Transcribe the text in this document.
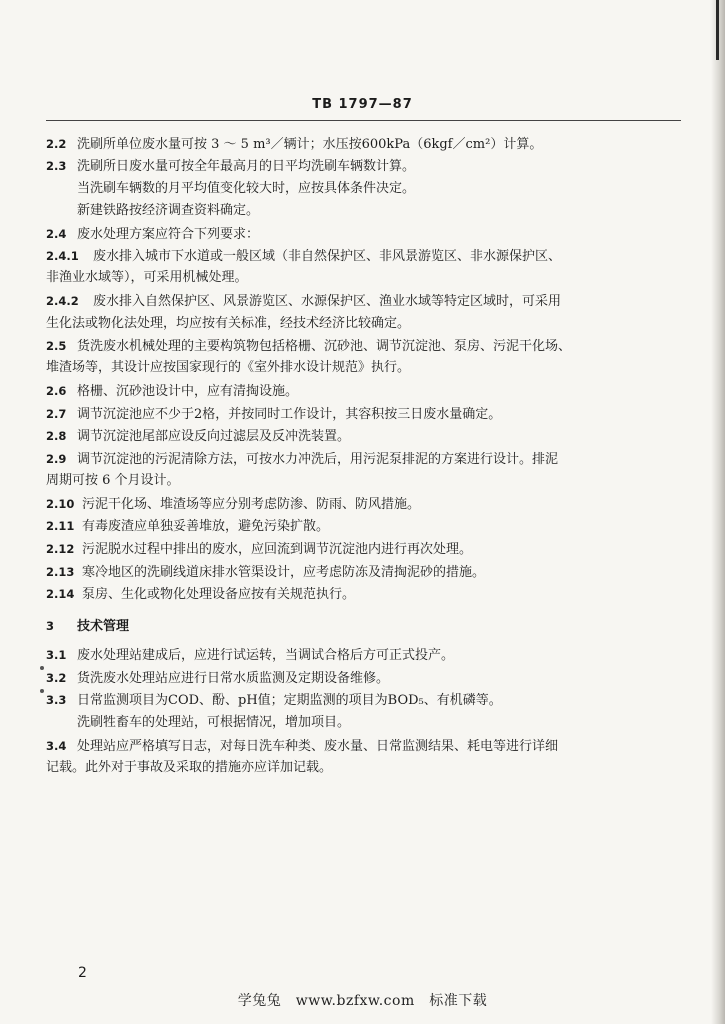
TB 1797—87
2.2 洗刷所单位废水量可按 3 ～ 5 m³／辆计；水压按600kPa（6kgf／cm²）计算。
2.3 洗刷所日废水量可按全年最高月的日平均洗刷车辆数计算。
当洗刷车辆数的月平均值变化较大时，应按具体条件决定。
新建铁路按经济调查资料确定。
2.4 废水处理方案应符合下列要求：
2.4.1 废水排入城市下水道或一般区域（非自然保护区、非风景游览区、非水源保护区、
非渔业水域等），可采用机械处理。
2.4.2 废水排入自然保护区、风景游览区、水源保护区、渔业水域等特定区域时，可采用
生化法或物化法处理，均应按有关标准，经技术经济比较确定。
2.5 货洗废水机械处理的主要构筑物包括格栅、沉砂池、调节沉淀池、泵房、污泥干化场、
堆渣场等，其设计应按国家现行的《室外排水设计规范》执行。
2.6 格栅、沉砂池设计中，应有清掏设施。
2.7 调节沉淀池应不少于2格，并按同时工作设计，其容积按三日废水量确定。
2.8 调节沉淀池尾部应设反向过滤层及反冲洗装置。
2.9 调节沉淀池的污泥清除方法，可按水力冲洗后，用污泥泵排泥的方案进行设计。排泥
周期可按 6 个月设计。
2.10 污泥干化场、堆渣场等应分别考虑防渗、防雨、防风措施。
2.11 有毒废渣应单独妥善堆放，避免污染扩散。
2.12 污泥脱水过程中排出的废水，应回流到调节沉淀池内进行再次处理。
2.13 寒冷地区的洗刷线道床排水管渠设计，应考虑防冻及清掏泥砂的措施。
2.14 泵房、生化或物化处理设备应按有关规范执行。
3 技术管理
3.1 废水处理站建成后，应进行试运转，当调试合格后方可正式投产。
3.2 货洗废水处理站应进行日常水质监测及定期设备维修。
3.3 日常监测项目为COD、酚、pH值；定期监测的项目为BOD₅、有机磷等。
洗刷牲畜车的处理站，可根据情况，增加项目。
3.4 处理站应严格填写日志，对每日洗车种类、废水量、日常监测结果、耗电等进行详细
记载。此外对于事故及采取的措施亦应详加记载。
2
学兔兔　www.bzfxw.com　标准下载
